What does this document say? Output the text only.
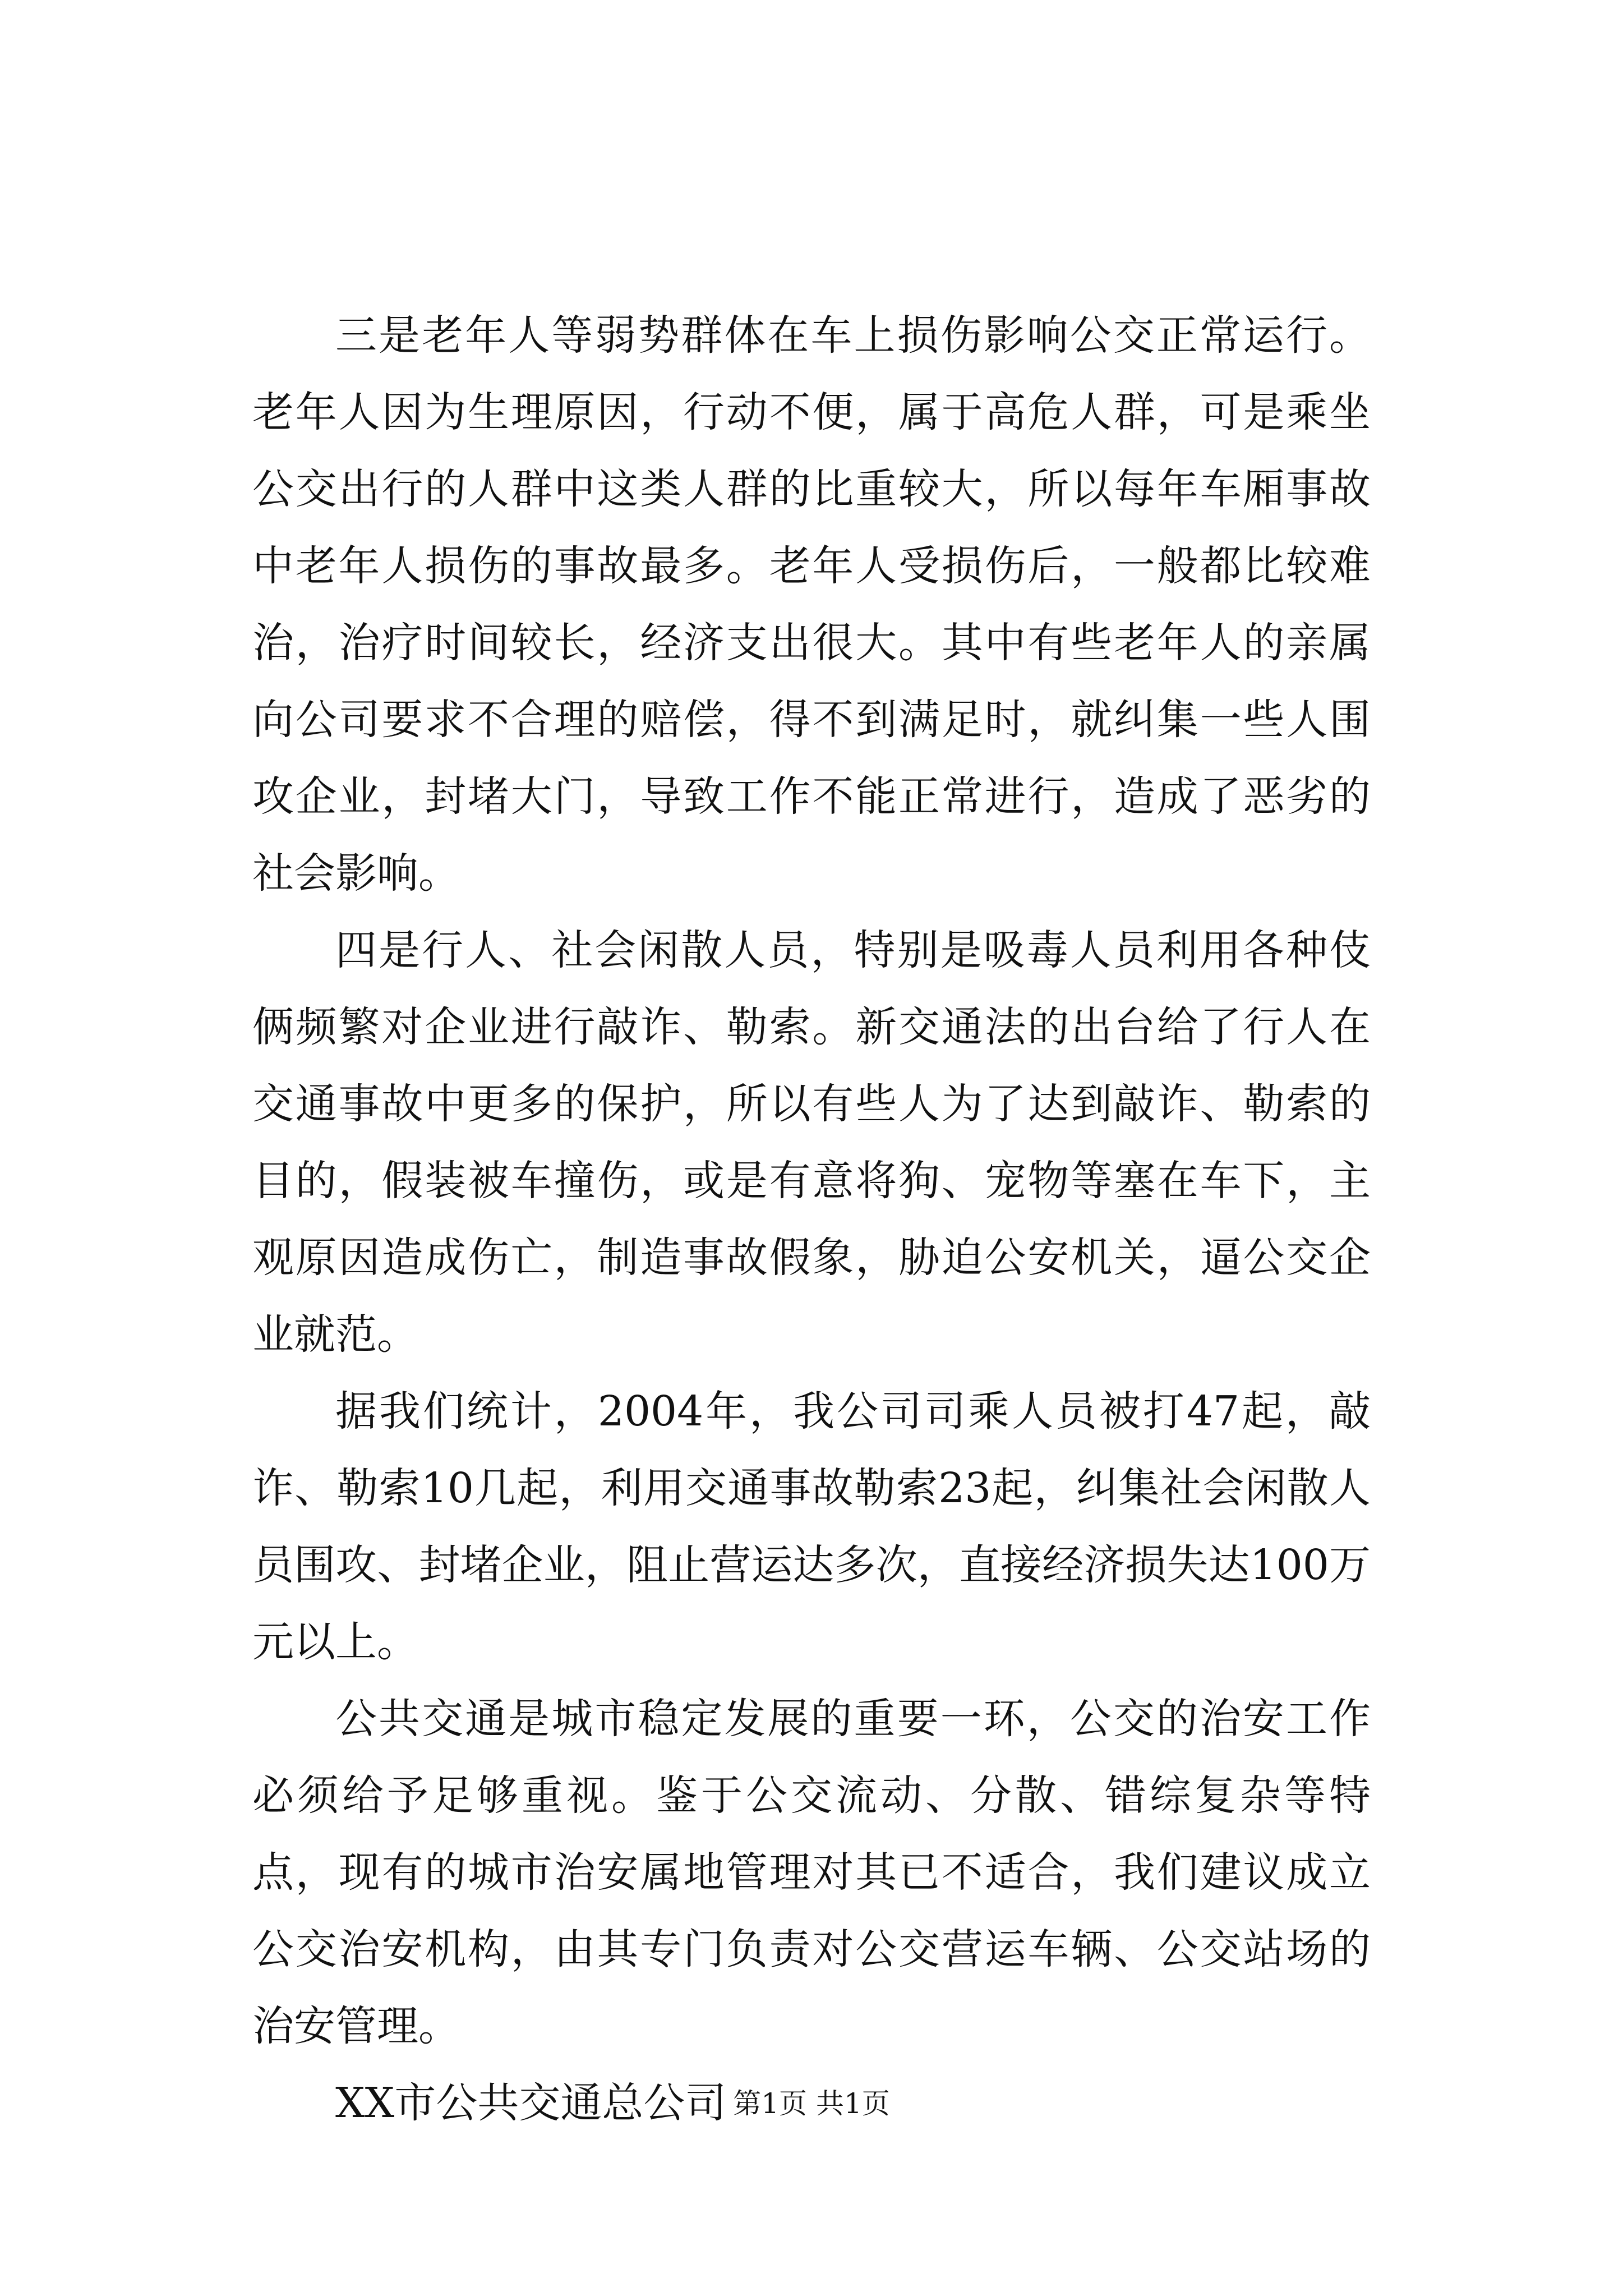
三是老年人等弱势群体在车上损伤影响公交正常运行。老年人因为生理原因，行动不便，属于高危人群，可是乘坐公交出行的人群中这类人群的比重较大，所以每年车厢事故中老年人损伤的事故最多。老年人受损伤后，一般都比较难治，治疗时间较长，经济支出很大。其中有些老年人的亲属向公司要求不合理的赔偿，得不到满足时，就纠集一些人围攻企业，封堵大门，导致工作不能正常进行，造成了恶劣的社会影响。

四是行人、社会闲散人员，特别是吸毒人员利用各种伎俩频繁对企业进行敲诈、勒索。新交通法的出台给了行人在交通事故中更多的保护，所以有些人为了达到敲诈、勒索的目的，假装被车撞伤，或是有意将狗、宠物等塞在车下，主观原因造成伤亡，制造事故假象，胁迫公安机关，逼公交企业就范。

据我们统计，2004年，我公司司乘人员被打47起，敲诈、勒索10几起，利用交通事故勒索23起，纠集社会闲散人员围攻、封堵企业，阻止营运达多次，直接经济损失达100万元以上。

公共交通是城市稳定发展的重要一环，公交的治安工作必须给予足够重视。鉴于公交流动、分散、错综复杂等特点，现有的城市治安属地管理对其已不适合，我们建议成立公交治安机构，由其专门负责对公交营运车辆、公交站场的治安管理。

XX市公共交通总公司 第1页 共1页
